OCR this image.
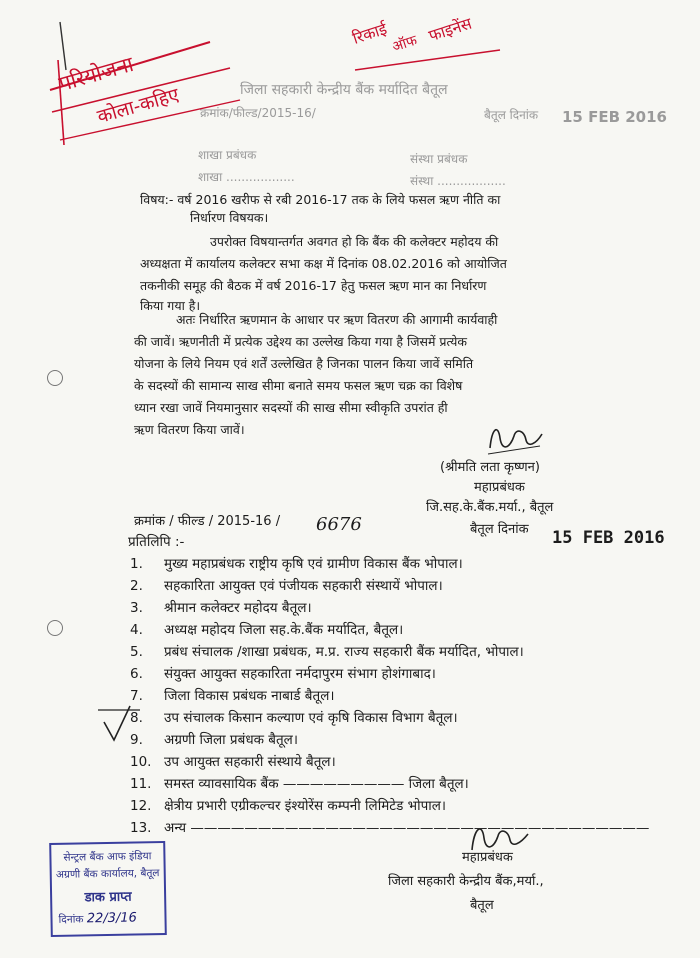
परियोजना
कोला-कहिए
रिकाई ऑफ फाइनेंस
जिला सहकारी केन्द्रीय बैंक मर्यादित बैतूल
क्रमांक/फील्ड/2015-16/	बैतूल दिनांक 15 FEB 2016
शाखा प्रबंधक
शाखा ..................
संस्था प्रबंधक
संस्था ..................
विषय:- वर्ष 2016 खरीफ से रबी 2016-17 तक के लिये फसल ऋण नीति का
निर्धारण विषयक।
उपरोक्त विषयान्तर्गत अवगत हो कि बैंक की कलेक्टर महोदय की
अध्यक्षता में कार्यालय कलेक्टर सभा कक्ष में दिनांक 08.02.2016 को आयोजित
तकनीकी समूह की बैठक में वर्ष 2016-17 हेतु फसल ऋण मान का निर्धारण
किया गया है।
अतः निर्धारित ऋणमान के आधार पर ऋण वितरण की आगामी कार्यवाही
की जावें। ऋणनीती में प्रत्येक उद्देश्य का उल्लेख किया गया है जिसमें प्रत्येक
योजना के लिये नियम एवं शर्तें उल्लेखित है जिनका पालन किया जावें समिति
के सदस्यों की सामान्य साख सीमा बनाते समय फसल ऋण चक्र का विशेष
ध्यान रखा जावें नियमानुसार सदस्यों की साख सीमा स्वीकृति उपरांत ही
ऋण वितरण किया जावें।
(श्रीमति लता कृष्णन)
महाप्रबंधक
जि.सह.के.बैंक.मर्या., बैतूल
क्रमांक / फील्ड / 2015-16 / 6676	बैतूल दिनांक 15 FEB 2016
प्रतिलिपि :-
1. मुख्य महाप्रबंधक राष्ट्रीय कृषि एवं ग्रामीण विकास बैंक भोपाल।
2. सहकारिता आयुक्त एवं पंजीयक सहकारी संस्थायें भोपाल।
3. श्रीमान कलेक्टर महोदय बैतूल।
4. अध्यक्ष महोदय जिला सह.के.बैंक मर्यादित, बैतूल।
5. प्रबंध संचालक /शाखा प्रबंधक, म.प्र. राज्य सहकारी बैंक मर्यादित, भोपाल।
6. संयुक्त आयुक्त सहकारिता नर्मदापुरम संभाग होशंगाबाद।
7. जिला विकास प्रबंधक नाबार्ड बैतूल।
8. उप संचालक किसान कल्याण एवं कृषि विकास विभाग बैतूल।
9. अग्रणी जिला प्रबंधक बैतूल।
10. उप आयुक्त सहकारी संस्थाये बैतूल।
11. समस्त व्यावसायिक बैंक ————————— जिला बैतूल।
12. क्षेत्रीय प्रभारी एग्रीकल्चर इंश्योरेंस कम्पनी लिमिटेड भोपाल।
13. अन्य ——————————————————————————————————
महाप्रबंधक
जिला सहकारी केन्द्रीय बैंक,मर्या.,
बैतूल
सेन्ट्रल बैंक आफ इंडिया
अग्रणी बैंक कार्यालय, बैतूल
डाक प्राप्त
दिनांक 22/3/16
